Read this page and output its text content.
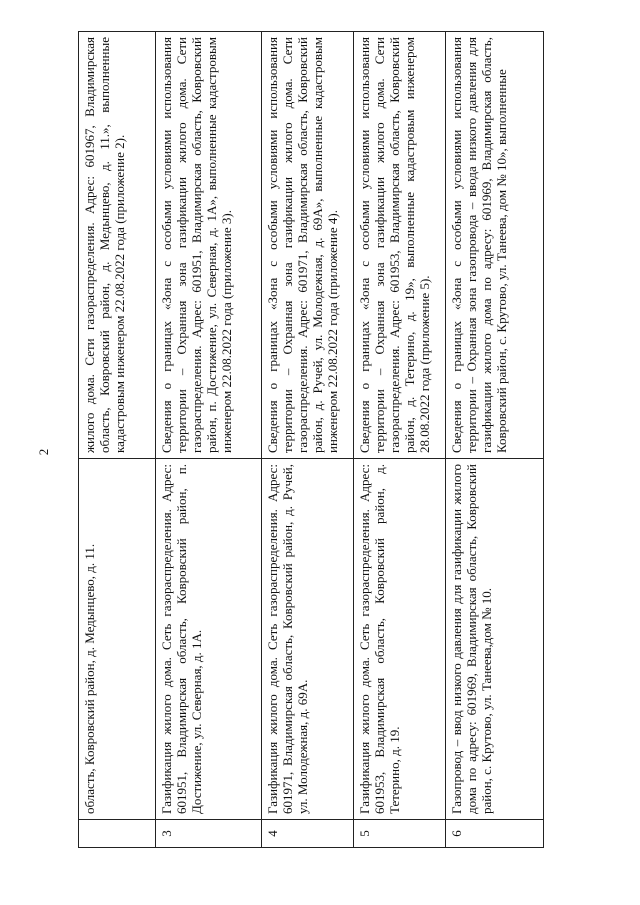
2
	область, Ковровский район, д. Медынцево, д. 11.	жилого дома. Сети газораспределения. Адрес: 601967, Владимирская область, Ковровский район, д. Медынцево, д. 11.», выполненные кадастровым инженером 22.08.2022 года (приложение 2).
3	Газификация жилого дома. Сеть газораспределения. Адрес: 601951, Владимирская область, Ковровский район, п. Достижение, ул. Северная, д. 1А.	Сведения о границах «Зона с особыми условиями использования территории – Охранная зона газификации жилого дома. Сети газораспределения. Адрес: 601951, Владимирская область, Ковровский район, п. Достижение, ул. Северная, д. 1А», выполненные кадастровым инженером 22.08.2022 года (приложение 3).
4	Газификация жилого дома. Сеть газораспределения. Адрес: 601971, Владимирская область, Ковровский район, д. Ручей, ул. Молодежная, д. 69А.	Сведения о границах «Зона с особыми условиями использования территории – Охранная зона газификации жилого дома. Сети газораспределения. Адрес: 601971, Владимирская область, Ковровский район, д. Ручей, ул. Молодежная, д. 69А», выполненные кадастровым инженером 22.08.2022 года (приложение 4).
5	Газификация жилого дома. Сеть газораспределения. Адрес: 601953, Владимирская область, Ковровский район, д. Тетерино, д. 19.	Сведения о границах «Зона с особыми условиями использования территории – Охранная зона газификации жилого дома. Сети газораспределения. Адрес: 601953, Владимирская область, Ковровский район, д. Тетерино, д. 19», выполненные кадастровым инженером 28.08.2022 года (приложение 5).
6	Газопровод – ввод низкого давления для газификации жилого дома по адресу: 601969, Владимирская область, Ковровский район, с. Крутово, ул. Танеева,дом № 10.	Сведения о границах «Зона с особыми условиями использования территории – Охранная зона газопровода – ввода низкого давления для газификации жилого дома по адресу: 601969, Владимирская область, Ковровский район, с. Крутово, ул. Танеева, дом № 10», выполненные
